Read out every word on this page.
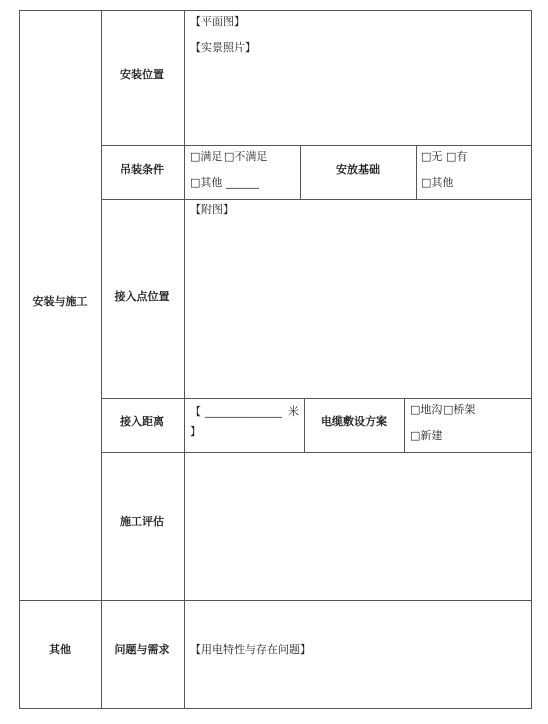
安装与施工
其他
安装位置
吊装条件
接入点位置
接入距离
施工评估
问题与需求
安放基础
电缆敷设方案
【平面图】
【实景照片】
□满足 □不满足
□其他 ______
□无 □有
□其他
【附图】
【 ______________ 米
】
□地沟 □桥架
□新建
【用电特性与存在问题】
